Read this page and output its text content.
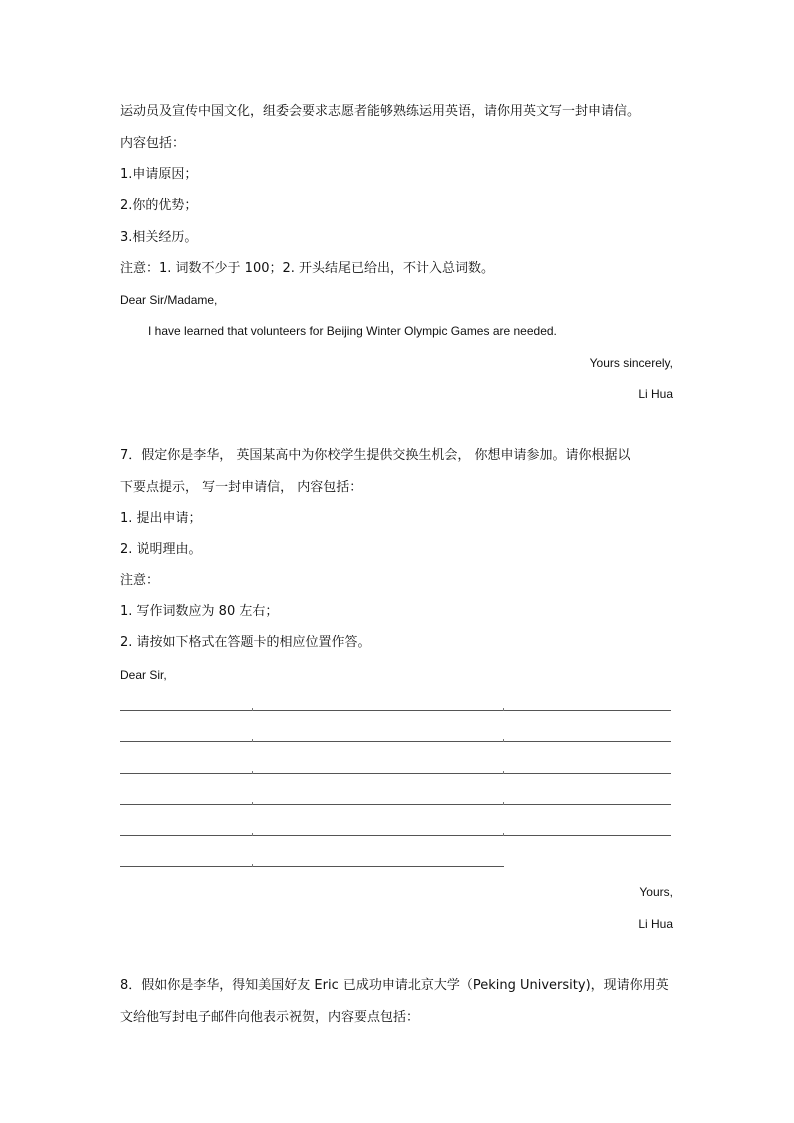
运动员及宣传中国文化，组委会要求志愿者能够熟练运用英语，请你用英文写一封申请信。
内容包括：
1.申请原因；
2.你的优势；
3.相关经历。
注意：1. 词数不少于 100；2. 开头结尾已给出，不计入总词数。
Dear Sir/Madame,
I have learned that volunteers for Beijing Winter Olympic Games are needed.
Yours sincerely,
Li Hua
7．假定你是李华， 英国某高中为你校学生提供交换生机会， 你想申请参加。请你根据以
下要点提示， 写一封申请信， 内容包括：
1. 提出申请；
2. 说明理由。
注意：
1. 写作词数应为 80 左右；
2. 请按如下格式在答题卡的相应位置作答。
Dear Sir,
Yours,
Li Hua
8．假如你是李华，得知美国好友 Eric 已成功申请北京大学（Peking University)，现请你用英
文给他写封电子邮件向他表示祝贺，内容要点包括：
